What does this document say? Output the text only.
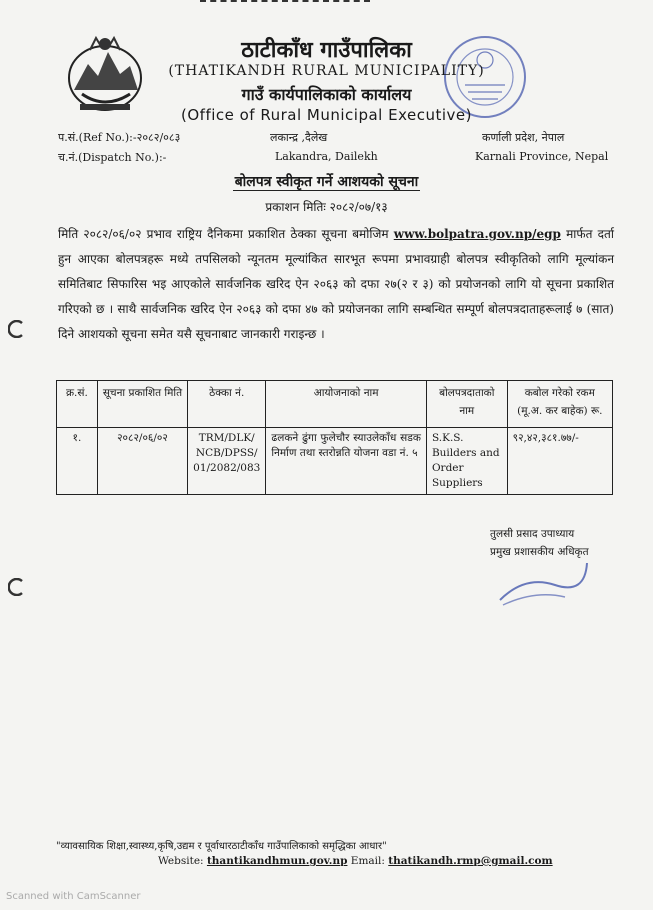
ठाटीकाँध गाउँपालिका
(THATIKANDH RURAL MUNICIPALITY)
गाउँ कार्यपालिकाको कार्यालय
(Office of Rural Municipal Executive)
प.सं.(Ref No.):-२०८२/०८३
च.नं.(Dispatch No.):-
लकान्द्र ,दैलेख
Lakandra, Dailekh
कर्णाली प्रदेश, नेपाल
Karnali Province, Nepal
बोलपत्र स्वीकृत गर्ने आशयको सूचना
प्रकाशन मितिः २०८२/०७/१३
मिति २०८२/०६/०२ प्रभाव राष्ट्रिय दैनिकमा प्रकाशित ठेक्का सूचना बमोजिम www.bolpatra.gov.np/egp मार्फत दर्ता हुन आएका बोलपत्रहरू मध्ये तपसिलको न्यूनतम मूल्यांकित सारभूत रूपमा प्रभावग्राही बोलपत्र स्वीकृतिको लागि मूल्यांकन समितिबाट सिफारिस भइ आएकोले सार्वजनिक खरिद ऐन २०६३ को दफा २७(२ र ३) को प्रयोजनको लागि यो सूचना प्रकाशित गरिएको छ । साथै सार्वजनिक खरिद ऐन २०६३ को दफा ४७ को प्रयोजनका लागि सम्बन्धित सम्पूर्ण बोलपत्रदाताहरूलाई ७ (सात) दिने आशयको सूचना समेत यसै सूचनाबाट जानकारी गराइन्छ ।
क्र.सं.	सूचना प्रकाशित मिति	ठेक्का नं.	आयोजनाको नाम	बोलपत्रदाताको नाम	कबोल गरेको रकम (मू.अ. कर बाहेक) रू.
१.	२०८२/०६/०२	TRM/DLK/ NCB/DPSS/ 01/2082/083	ढलकने ढुंगा फुलेचौर स्याउलेकाँध सडक निर्माण तथा स्तरोन्नति योजना वडा नं. ५	S.K.S. Builders and Order Suppliers	९२,४२,३८१.७७/-
तुलसी प्रसाद उपाध्याय
प्रमुख प्रशासकीय अधिकृत
"व्यावसायिक शिक्षा,स्वास्थ्य,कृषि,उद्यम र पूर्वाधारठाटीकाँध गाउँपालिकाको समृद्धिका आधार"
Website: thantikandhmun.gov.np Email: thatikandh.rmp@gmail.com
Scanned with CamScanner
